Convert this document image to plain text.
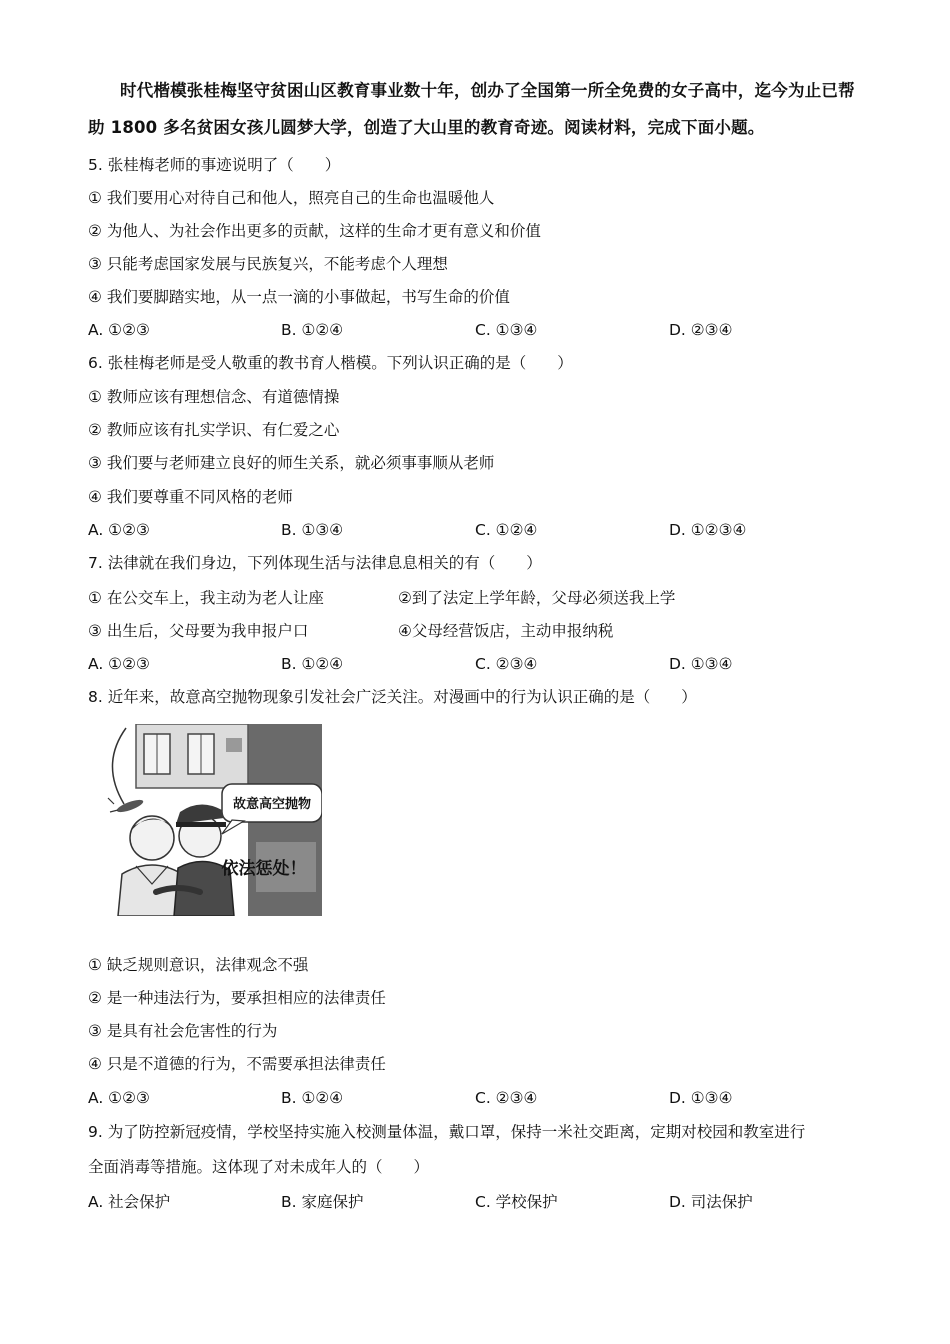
时代楷模张桂梅坚守贫困山区教育事业数十年，创办了全国第一所全免费的女子高中，迄今为止已帮
助 1800 多名贫困女孩儿圆梦大学，创造了大山里的教育奇迹。阅读材料，完成下面小题。
5. 张桂梅老师的事迹说明了（　　）
① 我们要用心对待自己和他人，照亮自己的生命也温暖他人
② 为他人、为社会作出更多的贡献，这样的生命才更有意义和价值
③ 只能考虑国家发展与民族复兴，不能考虑个人理想
④ 我们要脚踏实地，从一点一滴的小事做起，书写生命的价值
A. ①②③	B. ①②④	C. ①③④	D. ②③④
6. 张桂梅老师是受人敬重的教书育人楷模。下列认识正确的是（　　）
① 教师应该有理想信念、有道德情操
② 教师应该有扎实学识、有仁爱之心
③ 我们要与老师建立良好的师生关系，就必须事事顺从老师
④ 我们要尊重不同风格的老师
A. ①②③	B. ①③④	C. ①②④	D. ①②③④
7. 法律就在我们身边，下列体现生活与法律息息相关的有（　　）
① 在公交车上，我主动为老人让座	②到了法定上学年龄，父母必须送我上学
③ 出生后，父母要为我申报户口	④父母经营饭店，主动申报纳税
A. ①②③	B. ①②④	C. ②③④	D. ①③④
8. 近年来，故意高空抛物现象引发社会广泛关注。对漫画中的行为认识正确的是（　　）
故意高空抛物
依法惩处！
① 缺乏规则意识，法律观念不强
② 是一种违法行为，要承担相应的法律责任
③ 是具有社会危害性的行为
④ 只是不道德的行为，不需要承担法律责任
A. ①②③	B. ①②④	C. ②③④	D. ①③④
9. 为了防控新冠疫情，学校坚持实施入校测量体温，戴口罩，保持一米社交距离，定期对校园和教室进行
全面消毒等措施。这体现了对未成年人的（　　）
A. 社会保护	B. 家庭保护	C. 学校保护	D. 司法保护
